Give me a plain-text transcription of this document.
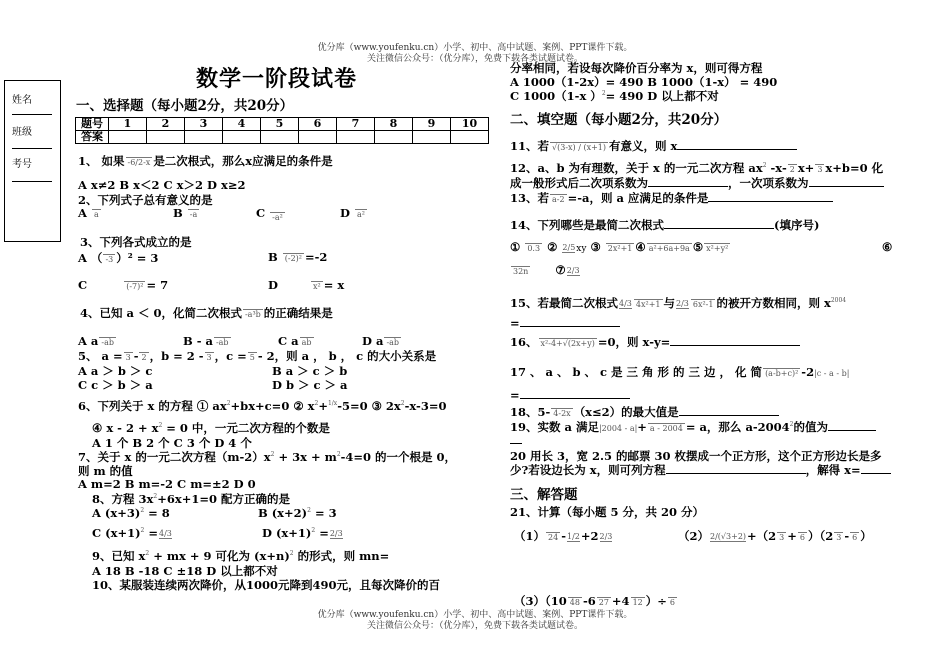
优分库（www.youfenku.cn）小学、初中、高中试题、案例、PPT课件下载。
关注微信公众号：（优分库），免费下载各类试题试卷。
姓名
班级
考号
数学一阶段试卷
一、选择题（每小题2分，共20分）
题号	1	2	3	4	5	6	7	8	9	10
答案										
1、 如果 -6/2-x 是二次根式，那么x应满足的条件是
A x≠2 B x＜2 C x＞2 D x≥2
2、下列式子总有意义的是
A a	B -a	C -a²	D a²
3、下列各式成立的是
A （ -3 ）² = 3	B (-2)² =-2
C	(-7)² = 7	D	x² = x
4、已知 a ＜ 0，化简二次根式 -a³b 的正确结果是
A a -ab	B - a -ab	C a ab	D a -ab
5、 a = 3 - 2 ，b = 2 - 3 ，c = 5 - 2，则 a ， b ， c 的大小关系是
A a ＞ b ＞ c	B a ＞ c ＞ b
C c ＞ b ＞ a	D b ＞ c ＞ a
6、下列关于 x 的方程 ① $ax^2+bx+c=0$ ② $x^2+^{1/x}-5=0$ ③ $2x^2-x-3=0$
④ $x - 2 + x^2 = 0$ 中，一元二次方程的个数是
A 1 个 B 2 个 C 3 个 D 4 个
7、关于 x 的一元二次方程$(m-2)x^2 + 3x + m^2-4=0$ 的一个根是 0，
则 m 的值
A m=2 B m=-2 C m=±2 D 0
8、方程 $3x^2+6x+1=0$ 配方正确的是
A $(x+3)^2 = 8$	B $(x+2)^2 = 3$
C $(x+1)^2 = 4/3$	D $(x+1)^2 = 2/3$
9、已知 $x^2$ + mx + 9 可化为 $(x+n)^2$ 的形式，则 mn=
A 18 B -18 C ±18 D 以上都不对
10、某服装连续两次降价，从1000元降到490元，且每次降价的百
分率相同，若设每次降价百分率为 x，则可得方程
A 1000（1-2x）= 490 B 1000（1-x） = 490
C 1000（1-x ）$^2$= 490 D 以上都不对
二、填空题（每小题2分，共20分）
11、若 √(3-x) / (x+1) 有意义，则 x
12、a、b 为有理数，关于 x 的一元二次方程 $ax^2$ -x- 2 x+ 3 x+b=0 化
成一般形式后二次项系数为	，一次项系数为
13、若 a-2 =-a，则 a 应满足的条件是
14、下列哪些是最简二次根式	(填序号)
① 0.3 ② 2/5 xy ③ 2x²+1 ④ a²+6a+9a ⑤ x²+y²	⑥
32n ⑦ 2/3
15、若最简二次根式 4/3 4x²+1 与 2/3 6x²-1 的被开方数相同，则 $x^{2004}$
=
16、 x²-4+√(2x+y) =0，则 x-y=
17 、 a 、 b 、 c 是 三 角 形 的 三 边 ， 化 简 (a-b+c)² -2|c - a - b|
=
18、5- 4-2x （x≤2）的最大值是
19、实数 a 满足|2004 - a|+ a - 2004 = a，那么 a-2004$^2$的值为
20 用长 3，宽 2.5 的邮票 30 枚摆成一个正方形，这个正方形边长是多
少?若设边长为 x，则可列方程	，解得 x=
三、解答题
21、计算（每小题 5 分，共 20 分）
（1） 24 - 1/2 +2 2/3	（2） 2/(√3+2) +（2 3 + 6 ）（2 3 - 6 ）
（3）（10 48 -6 27 +4 12 ）÷ 6
优分库（www.youfenku.cn）小学、初中、高中试题、案例、PPT课件下载。
关注微信公众号：（优分库），免费下载各类试题试卷。
